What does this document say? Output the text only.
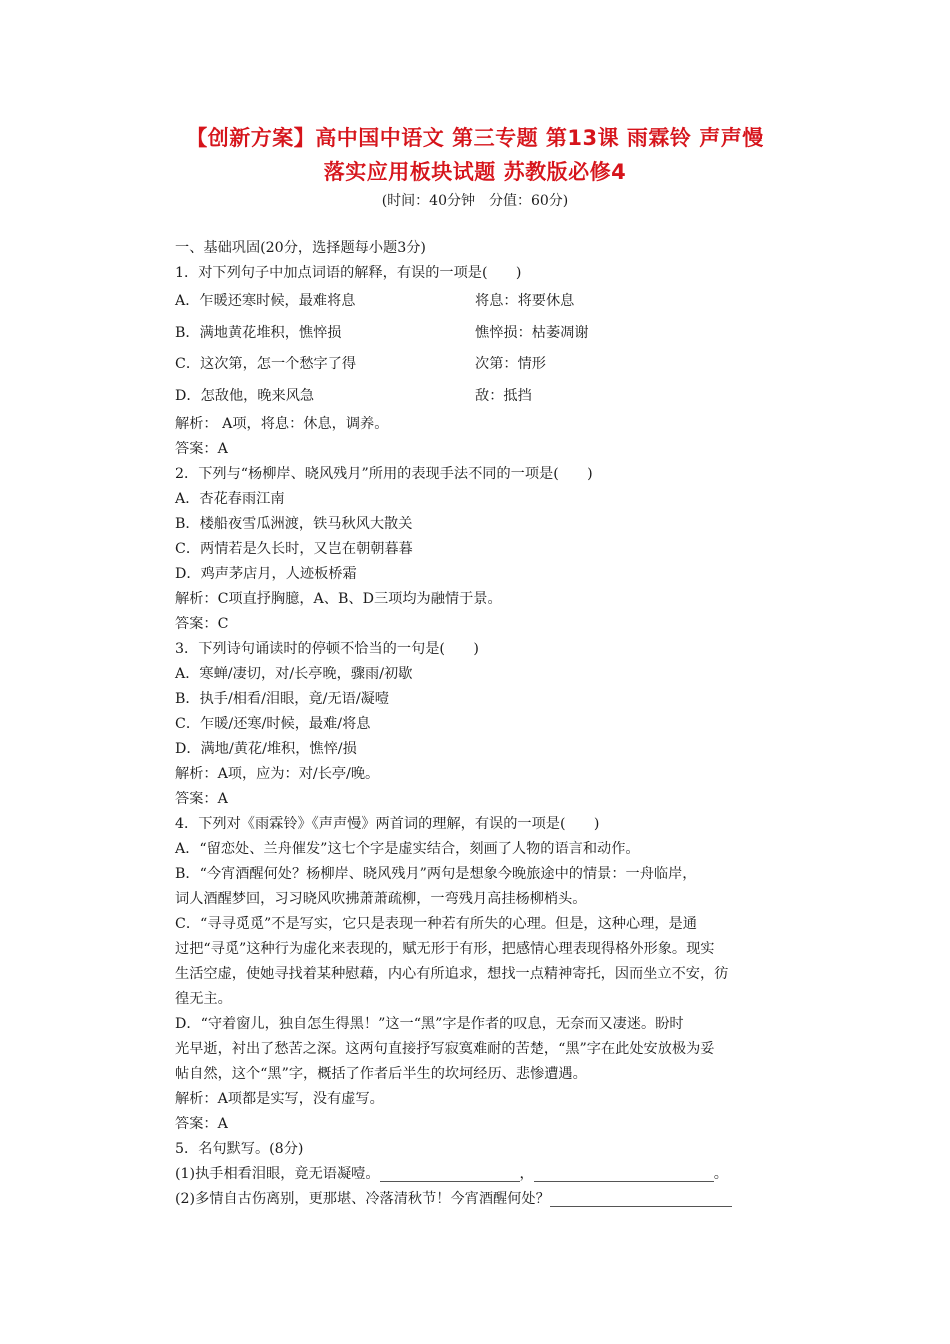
【创新方案】高中国中语文 第三专题 第13课 雨霖铃 声声慢
落实应用板块试题 苏教版必修4
(时间：40分钟　分值：60分)
一、基础巩固(20分，选择题每小题3分)
1．对下列句子中加点词语的解释，有误的一项是(　　)
A．乍暖还寒时候，最难将息	将息：将要休息
B．满地黄花堆积，憔悴损	憔悴损：枯萎凋谢
C．这次第，怎一个愁字了得	次第：情形
D．怎敌他，晚来风急	敌：抵挡
解析： A项，将息：休息，调养。
答案：A
2．下列与“杨柳岸、晓风残月”所用的表现手法不同的一项是(　　)
A．杏花春雨江南
B．楼船夜雪瓜洲渡，铁马秋风大散关
C．两情若是久长时，又岂在朝朝暮暮
D．鸡声茅店月，人迹板桥霜
解析：C项直抒胸臆，A、B、D三项均为融情于景。
答案：C
3．下列诗句诵读时的停顿不恰当的一句是(　　)
A．寒蝉/凄切，对/长亭晚，骤雨/初歇
B．执手/相看/泪眼，竟/无语/凝噎
C．乍暖/还寒/时候，最难/将息
D．满地/黄花/堆积，憔悴/损
解析：A项，应为：对/长亭/晚。
答案：A
4．下列对《雨霖铃》《声声慢》两首词的理解，有误的一项是(　　)
A．“留恋处、兰舟催发”这七个字是虚实结合，刻画了人物的语言和动作。
B．“今宵酒醒何处？杨柳岸、晓风残月”两句是想象今晚旅途中的情景：一舟临岸，
词人酒醒梦回，习习晓风吹拂萧萧疏柳，一弯残月高挂杨柳梢头。
C．“寻寻觅觅”不是写实，它只是表现一种若有所失的心理。但是，这种心理，是通
过把“寻觅”这种行为虚化来表现的，赋无形于有形，把感情心理表现得格外形象。现实
生活空虚，使她寻找着某种慰藉，内心有所追求，想找一点精神寄托，因而坐立不安，彷
徨无主。
D．“守着窗儿，独自怎生得黑！”这一“黑”字是作者的叹息，无奈而又凄迷。盼时
光早逝，衬出了愁苦之深。这两句直接抒写寂寞难耐的苦楚，“黑”字在此处安放极为妥
帖自然，这个“黑”字，概括了作者后半生的坎坷经历、悲惨遭遇。
解析：A项都是实写，没有虚写。
答案：A
5．名句默写。(8分)
(1)执手相看泪眼，竟无语凝噎。	，	。
(2)多情自古伤离别，更那堪、冷落清秋节！今宵酒醒何处？
